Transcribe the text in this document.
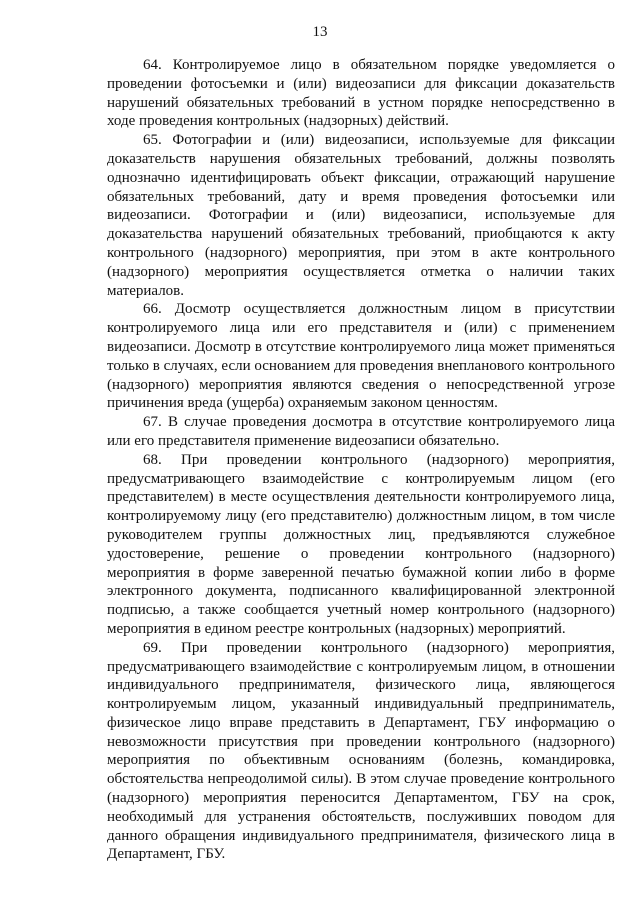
13

64. Контролируемое лицо в обязательном порядке уведомляется о проведении фотосъемки и (или) видеозаписи для фиксации доказательств нарушений обязательных требований в устном порядке непосредственно в ходе проведения контрольных (надзорных) действий.

65. Фотографии и (или) видеозаписи, используемые для фиксации доказательств нарушения обязательных требований, должны позволять однозначно идентифицировать объект фиксации, отражающий нарушение обязательных требований, дату и время проведения фотосъемки или видеозаписи. Фотографии и (или) видеозаписи, используемые для доказательства нарушений обязательных требований, приобщаются к акту контрольного (надзорного) мероприятия, при этом в акте контрольного (надзорного) мероприятия осуществляется отметка о наличии таких материалов.

66. Досмотр осуществляется должностным лицом в присутствии контролируемого лица или его представителя и (или) с применением видеозаписи. Досмотр в отсутствие контролируемого лица может применяться только в случаях, если основанием для проведения внепланового контрольного (надзорного) мероприятия являются сведения о непосредственной угрозе причинения вреда (ущерба) охраняемым законом ценностям.

67. В случае проведения досмотра в отсутствие контролируемого лица или его представителя применение видеозаписи обязательно.

68. При проведении контрольного (надзорного) мероприятия, предусматривающего взаимодействие с контролируемым лицом (его представителем) в месте осуществления деятельности контролируемого лица, контролируемому лицу (его представителю) должностным лицом, в том числе руководителем группы должностных лиц, предъявляются служебное удостоверение, решение о проведении контрольного (надзорного) мероприятия в форме заверенной печатью бумажной копии либо в форме электронного документа, подписанного квалифицированной электронной подписью, а также сообщается учетный номер контрольного (надзорного) мероприятия в едином реестре контрольных (надзорных) мероприятий.

69. При проведении контрольного (надзорного) мероприятия, предусматривающего взаимодействие с контролируемым лицом, в отношении индивидуального предпринимателя, физического лица, являющегося контролируемым лицом, указанный индивидуальный предприниматель, физическое лицо вправе представить в Департамент, ГБУ информацию о невозможности присутствия при проведении контрольного (надзорного) мероприятия по объективным основаниям (болезнь, командировка, обстоятельства непреодолимой силы). В этом случае проведение контрольного (надзорного) мероприятия переносится Департаментом, ГБУ на срок, необходимый для устранения обстоятельств, послуживших поводом для данного обращения индивидуального предпринимателя, физического лица в Департамент, ГБУ.
